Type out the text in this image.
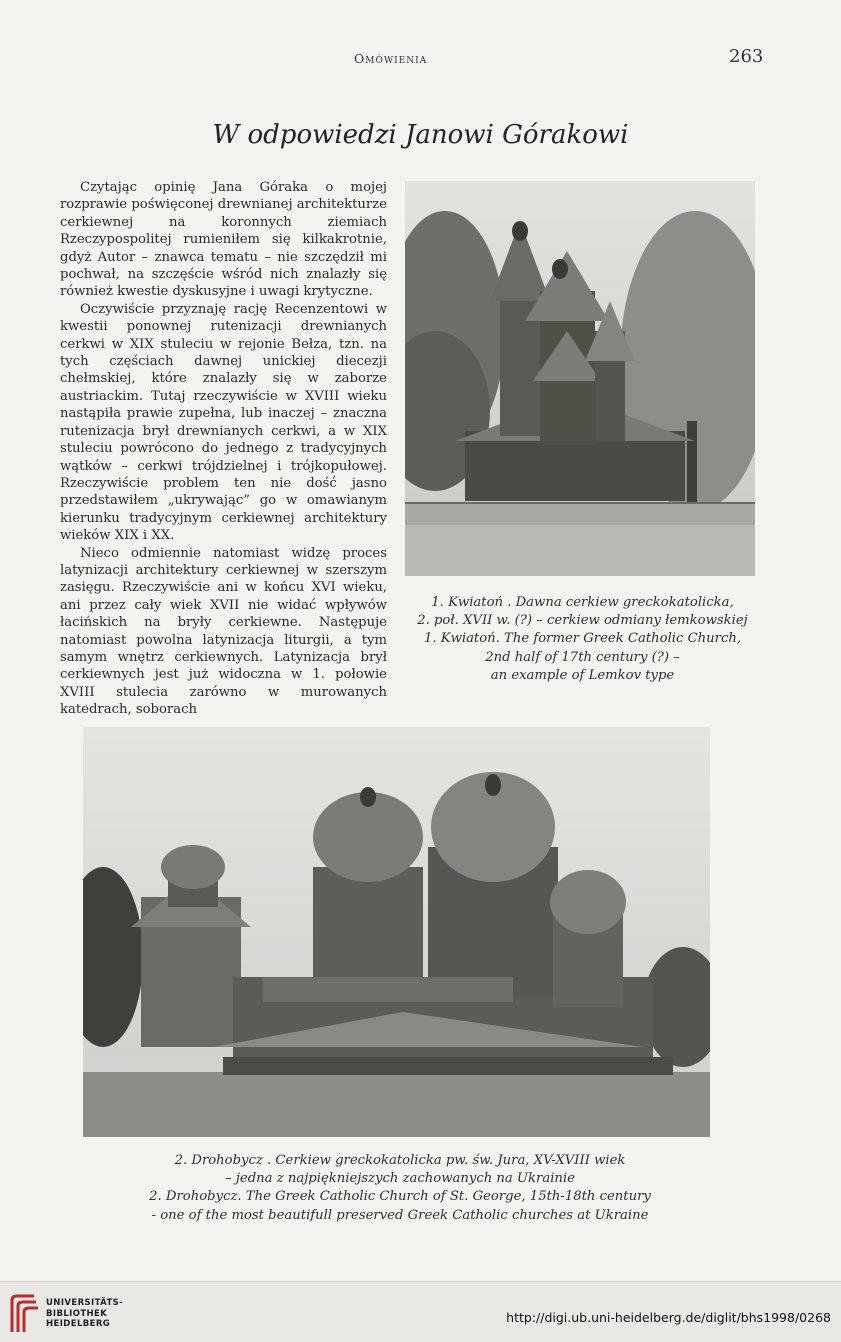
Omówienia	263
W odpowiedzi Janowi Górakowi

Czytając opinię Jana Góraka o mojej rozprawie poświęconej drewnianej architekturze cerkiewnej na koronnych ziemiach Rzeczypospolitej rumieniłem się kilkakrotnie, gdyż Autor – znawca tematu – nie szczędził mi pochwał, na szczęście wśród nich znalazły się również kwestie dyskusyjne i uwagi krytyczne.

Oczywiście przyznaję rację Recenzentowi w kwestii ponownej rutenizacji drewnianych cerkwi w XIX stuleciu w rejonie Bełza, tzn. na tych częściach dawnej unickiej diecezji chełmskiej, które znalazły się w zaborze austriackim. Tutaj rzeczywiście w XVIII wieku nastąpiła prawie zupełna, lub inaczej – znaczna rutenizacja brył drewnianych cerkwi, a w XIX stuleciu powrócono do jednego z tradycyjnych wątków – cerkwi trójdzielnej i trójkopułowej. Rzeczywiście problem ten nie dość jasno przedstawiłem „ukrywając” go w omawianym kierunku tradycyjnym cerkiewnej architektury wieków XIX i XX.

Nieco odmiennie natomiast widzę proces latynizacji architektury cerkiewnej w szerszym zasięgu. Rzeczywiście ani w końcu XVI wieku, ani przez cały wiek XVII nie widać wpływów łacińskich na bryły cerkiewne. Następuje natomiast powolna latynizacja liturgii, a tym samym wnętrz cerkiewnych. Latynizacja brył cerkiewnych jest już widoczna w 1. połowie XVIII stulecia zarówno w murowanych katedrach, soborach

1. Kwiatoń . Dawna cerkiew greckokatolicka,
2. poł. XVII w. (?) – cerkiew odmiany łemkowskiej
1. Kwiatoń. The former Greek Catholic Church,
2nd half of 17th century (?) –
an example of Lemkov type
2. Drohobycz . Cerkiew greckokatolicka pw. św. Jura, XV-XVIII wiek
– jedna z najpiękniejszych zachowanych na Ukrainie
2. Drohobycz. The Greek Catholic Church of St. George, 15th-18th century
- one of the most beautifull preserved Greek Catholic churches at Ukraine
UNIVERSITÄTS-
BIBLIOTHEK
HEIDELBERG	http://digi.ub.uni-heidelberg.de/diglit/bhs1998/0268
